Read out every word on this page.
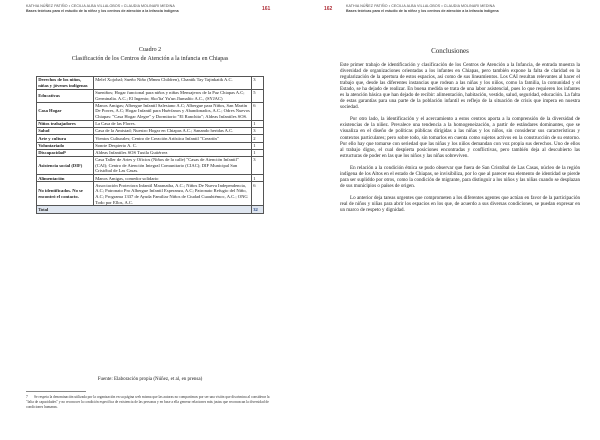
KATHIA NÚÑEZ PATIÑO • CECILIA ALBA VILLALOBOS • CLAUDIA MOLINARI MEDINA
Bases teóricas para el estudio de la niñez y los centros de atención a la infancia indígena	161
Cuadro 2
Clasificación de los Centros de Atención a la infancia en Chiapas
Derechos de los niños, niñas y jóvenes indígenas	Melel Xojobal; Sueño Niño (Mmm Children), Chantik Tay Tajinkatik A.C.	3
Educativas	Sueniños; Hogar funcional para niños y niñas Mensajeros de la Paz Chiapas A.C; Germinalia. A.C.; El Ingenio; Sko'lta' Yu'un Jlumaltic A.C., (SYJAC)	5
Casa Hogar	Manos Amigas; Albergue Infantil Salesiano A.C; Albergue para Niños, San Martín De Porres, A.C; Hogar Infantil para Huérfanos y Abandonados, A.C.; Odres Nuevos Chiapas: "Casa Hogar Alegre" y Dormitorio "El Ranchito"; Aldeas Infantiles SOS.	6
Niños trabajadores	La Casa de las Flores.	1
Salud	Casa de la Amistad; Nuestro Hogar en Chiapas A.C.; Sanando heridas A.C.	3
Arte y cultura	Vientos Culturales; Centro de Creación Artística Infantil "Creartín"	2
Voluntariado	Sonrie Despierto A. C.	1
Discapacidad⁸	Aldeas Infantiles SOS Tuxtla Gutiérrez	1
Asistencia social (DIF)	Casa Taller de Artes y Oficios (Niños de la calle) "Casas de Atención Infantil" (CAI); Centro de Atención Integral Comunitario (CIAC); DIF Municipal San Cristóbal de Las Casas.	3
Alimentación	Manos Amigas, comedor solidario	1
No identificados. No se encontró el contacto.	Associación Protectora Infantil Maranatha, A.C.; Niños De Nueva Independencia, A.C; Patronato Pro Albergue Infantil Esperanza, A.C; Patronato Refugio del Niño, A.C; Programa 1337 de Ayuda Familiar Niños de Ciudad Cuauhtémoc, A.C.; ONG Todo por Ellos, A.C.	6
Total		32
Fuente: Elaboración propia (Núñez, et al, en prensa)
7 Se respeta la denominación utilizada por la organización en su página web misma que las autoras no compartimos por ser una visión que discrimina al considerar la "falta de capacidades" y no reconocer la condición específica de existencia de las personas y en base a ella generar relaciones más justas que reconozcan la diversidad de condiciones humanas.
162	KATHIA NÚÑEZ PATIÑO • CECILIA ALBA VILLALOBOS • CLAUDIA MOLINARI MEDINA
Bases teóricas para el estudio de la niñez y los centros de atención a la infancia indígena
Conclusiones

Este primer trabajo de identificación y clasificación de los Centros de Atención a la Infancia, de entrada muestra la diversidad de organizaciones orientadas a los infantes en Chiapas, pero también expone la falta de claridad en la regularización de la apertura de estos espacios, así como de sus lineamientos. Los CAI resultan relevantes al hacer el trabajo que, desde las diferentes instancias que rodean a las niñas y los niños, como la familia, la comunidad y el Estado, se ha dejado de realizar. En buena medida se trata de una labor asistencial, pues lo que requieren los infantes es la atención básica que han dejado de recibir: alimentación, habitación, vestido, salud, seguridad, educación. La falta de estas garantías para una parte de la población infantil es reflejo de la situación de crisis que impera en nuestra sociedad.

Por otro lado, la identificación y el acercamiento a estos centros aporta a la comprensión de la diversidad de existencias de la niñez. Prevalece una tendencia a la homogeneización, a partir de estándares dominantes, que se visualiza en el diseño de políticas públicas dirigidas a las niñas y los niños, sin considerar sus características y contextos particulares; pero sobre todo, sin tomarlos en cuenta como sujetos activos en la construcción de su entorno. Por ello hay que tomarse con seriedad que las niñas y los niños demandan con voz propia sus derechos. Uno de ellos al trabajo digno, el cual despierta posiciones encontradas y conflictivas, pero también deja al descubierto las estructuras de poder en las que los niños y las niñas sobreviven.

En relación a la condición étnica se pudo observar que fuera de San Cristóbal de Las Casas, núcleo de la región indígena de los Altos en el estado de Chiapas, se invisibiliza, por lo que al parecer esa elemento de identidad se pierde para ser supliddo por otros, como la condición de migrante, para distinguir a los niños y las niñas cuando se desplazan de sus municipios o países de origen.

Lo anterior deja tareas urgentes que comprometen a los diferentes agentes que actúan en favor de la participación real de niños y niñas para abrir los espacios en los que, de acuerdo a sus diversas condiciones, se puedan expresar en un marco de respeto y dignidad.
